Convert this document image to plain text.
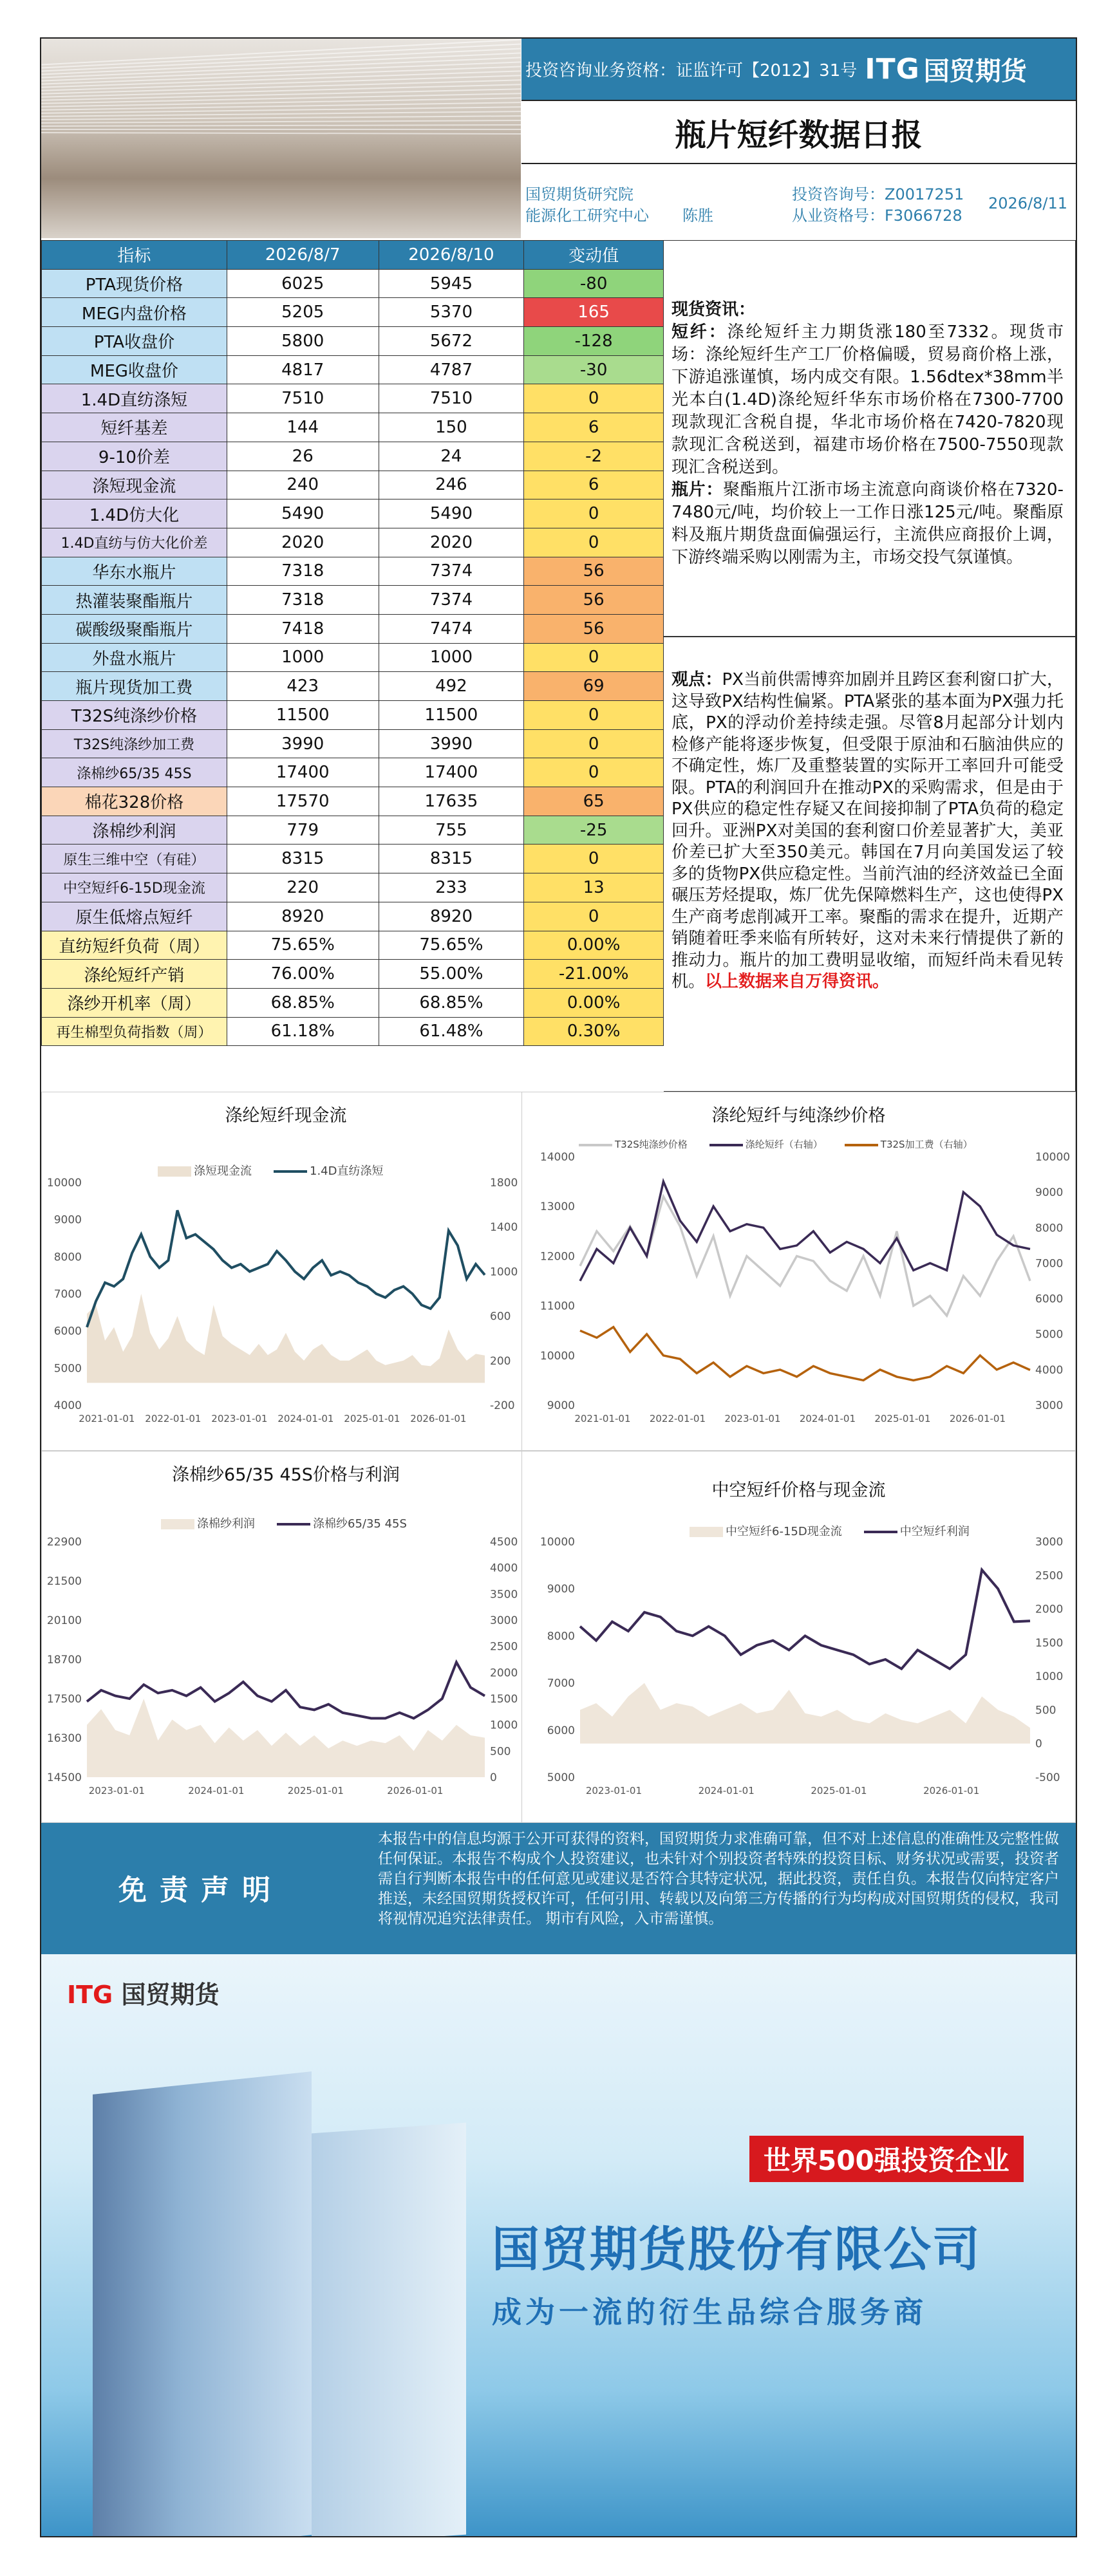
投资咨询业务资格：证监许可【2012】31号 ITG 国贸期货
瓶片短纤数据日报
国贸期货研究院
能源化工研究中心 陈胜
投资咨询号：Z0017251
从业资格号：F3066728
2026/8/11
指标	2026/8/7	2026/8/10	变动值
PTA现货价格	6025	5945	-80
MEG内盘价格	5205	5370	165
PTA收盘价	5800	5672	-128
MEG收盘价	4817	4787	-30
1.4D直纺涤短	7510	7510	0
短纤基差	144	150	6
9-10价差	26	24	-2
涤短现金流	240	246	6
1.4D仿大化	5490	5490	0
1.4D直纺与仿大化价差	2020	2020	0
华东水瓶片	7318	7374	56
热灌装聚酯瓶片	7318	7374	56
碳酸级聚酯瓶片	7418	7474	56
外盘水瓶片	1000	1000	0
瓶片现货加工费	423	492	69
T32S纯涤纱价格	11500	11500	0
T32S纯涤纱加工费	3990	3990	0
涤棉纱65/35 45S	17400	17400	0
棉花328价格	17570	17635	65
涤棉纱利润	779	755	-25
原生三维中空（有硅）	8315	8315	0
中空短纤6-15D现金流	220	233	13
原生低熔点短纤	8920	8920	0
直纺短纤负荷（周）	75.65%	75.65%	0.00%
涤纶短纤产销	76.00%	55.00%	-21.00%
涤纱开机率（周）	68.85%	68.85%	0.00%
再生棉型负荷指数（周）	61.18%	61.48%	0.30%
现货资讯：
短纤：涤纶短纤主力期货涨180至7332。现货市场：涤纶短纤生产工厂价格偏暖，贸易商价格上涨，下游追涨谨慎，场内成交有限。1.56dtex*38mm半光本白(1.4D)涤纶短纤华东市场价格在7300-7700现款现汇含税自提，华北市场价格在7420-7820现款现汇含税送到，福建市场价格在7500-7550现款现汇含税送到。
瓶片：聚酯瓶片江浙市场主流意向商谈价格在7320-7480元/吨，均价较上一工作日涨125元/吨。聚酯原料及瓶片期货盘面偏强运行，主流供应商报价上调，下游终端采购以刚需为主，市场交投气氛谨慎。
观点：PX当前供需博弈加剧并且跨区套利窗口扩大，这导致PX结构性偏紧。PTA紧张的基本面为PX强力托底，PX的浮动价差持续走强。尽管8月起部分计划内检修产能将逐步恢复，但受限于原油和石脑油供应的不确定性，炼厂及重整装置的实际开工率回升可能受限。PTA的利润回升在推动PX的采购需求，但是由于PX供应的稳定性存疑又在间接抑制了PTA负荷的稳定回升。亚洲PX对美国的套利窗口价差显著扩大，美亚价差已扩大至350美元。韩国在7月向美国发运了较多的货物PX供应稳定性。当前汽油的经济效益已全面碾压芳烃提取，炼厂优先保障燃料生产，这也使得PX生产商考虑削减开工率。聚酯的需求在提升，近期产销随着旺季来临有所转好，这对未来行情提供了新的推动力。瓶片的加工费明显收缩，而短纤尚未看见转机。以上数据来自万得资讯。
涤纶短纤现金流
涤短现金流	1.4D直纺涤短
10000
9000
8000
7000
6000
5000
4000
1800
1400
1000
600
200
-200
2021-01-01 2022-01-01 2023-01-01 2024-01-01 2025-01-01 2026-01-01
涤纶短纤与纯涤纱价格
T32S纯涤纱价格	涤纶短纤（右轴）	T32S加工费（右轴）
14000
13000
12000
11000
10000
9000
10000
9000
8000
7000
6000
5000
4000
3000
2021-01-01 2022-01-01 2023-01-01 2024-01-01 2025-01-01 2026-01-01
涤棉纱65/35 45S价格与利润
涤棉纱利润	涤棉纱65/35 45S
22900
21500
20100
18700
17500
16300
14500
4500
4000
3500
3000
2500
2000
1500
1000
500
0
2023-01-01	2024-01-01	2025-01-01	2026-01-01
中空短纤价格与现金流
中空短纤6-15D现金流	中空短纤利润
10000
9000
8000
7000
6000
5000
3000
2500
2000
1500
1000
500
0
-500
2023-01-01	2024-01-01	2025-01-01	2026-01-01
免责声明
本报告中的信息均源于公开可获得的资料，国贸期货力求准确可靠，但不对上述信息的准确性及完整性做任何保证。本报告不构成个人投资建议，也未针对个别投资者特殊的投资目标、财务状况或需要，投资者需自行判断本报告中的任何意见或建议是否符合其特定状况，据此投资，责任自负。本报告仅向特定客户推送，未经国贸期货授权许可，任何引用、转载以及向第三方传播的行为均构成对国贸期货的侵权，我司将视情况追究法律责任。 期市有风险，入市需谨慎。
ITG 国贸期货
世界500强投资企业
国贸期货股份有限公司
成为一流的衍生品综合服务商
